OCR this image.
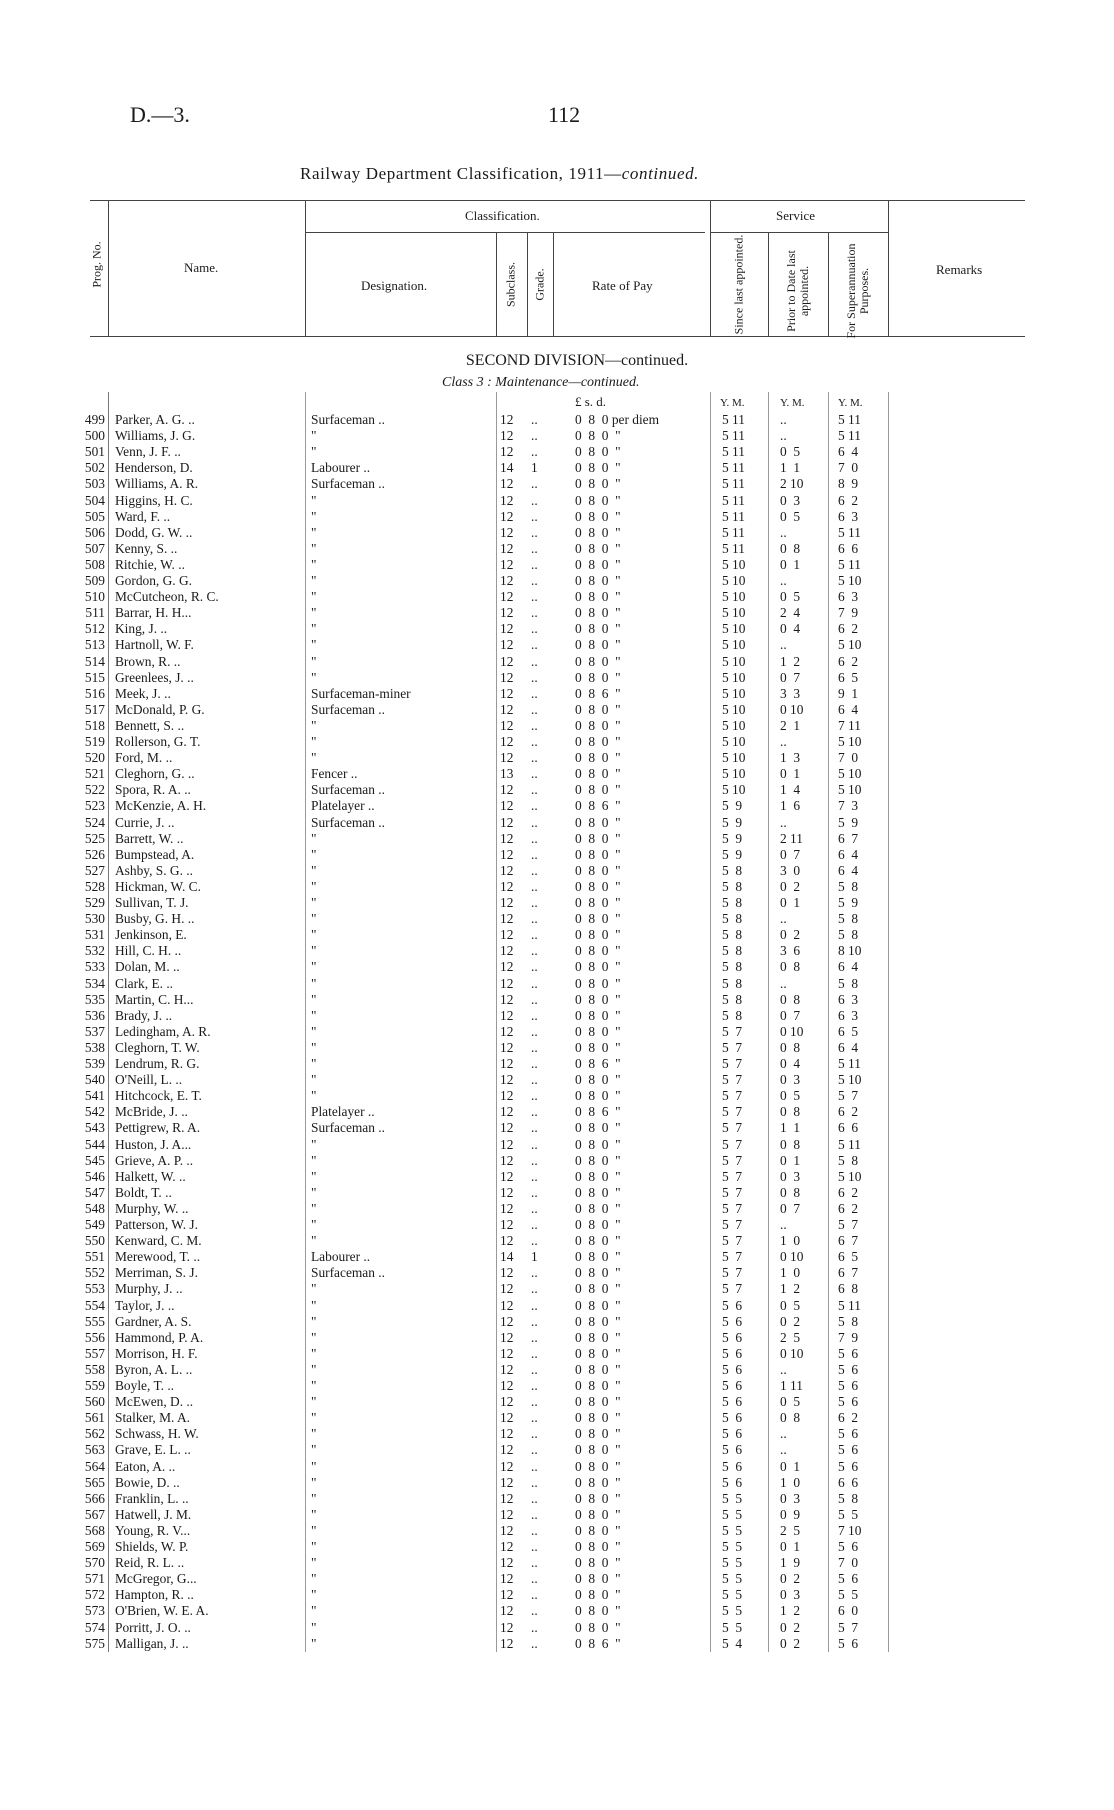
D.—3.	112
Railway Department Classification, 1911—continued.
Prog. No.	Name.
Classification.
Designation.	Subclass. Grade.	Rate of Pay
Service
Since last appointed.	Prior to Date last appointed.	For Superannuation Purposes.	Remarks
SECOND DIVISION—continued.
Class 3 : Maintenance—continued.
£ s. d.	Y. M.	Y. M.	Y. M.
499 Parker, A. G. ..	Surfaceman ..	12 ..	0  8  0 per diem	5 11	..	5 11
500 Williams, J. G.	"	12 ..	0  8  0  "	5 11	..	5 11
501 Venn, J. F. ..	"	12 ..	0  8  0  "	5 11	0  5	6  4
502 Henderson, D.	Labourer ..	14 1	0  8  0  "	5 11	1  1	7  0
503 Williams, A. R.	Surfaceman ..	12 ..	0  8  0  "	5 11	2 10	8  9
504 Higgins, H. C.	"	12 ..	0  8  0  "	5 11	0  3	6  2
505 Ward, F. ..	"	12 ..	0  8  0  "	5 11	0  5	6  3
506 Dodd, G. W. ..	"	12 ..	0  8  0  "	5 11	..	5 11
507 Kenny, S. ..	"	12 ..	0  8  0  "	5 11	0  8	6  6
508 Ritchie, W. ..	"	12 ..	0  8  0  "	5 10	0  1	5 11
509 Gordon, G. G.	"	12 ..	0  8  0  "	5 10	..	5 10
510 McCutcheon, R. C.	"	12 ..	0  8  0  "	5 10	0  5	6  3
511 Barrar, H. H...	"	12 ..	0  8  0  "	5 10	2  4	7  9
512 King, J. ..	"	12 ..	0  8  0  "	5 10	0  4	6  2
513 Hartnoll, W. F.	"	12 ..	0  8  0  "	5 10	..	5 10
514 Brown, R. ..	"	12 ..	0  8  0  "	5 10	1  2	6  2
515 Greenlees, J. ..	"	12 ..	0  8  0  "	5 10	0  7	6  5
516 Meek, J. ..	Surfaceman-miner	12 ..	0  8  6  "	5 10	3  3	9  1
517 McDonald, P. G.	Surfaceman ..	12 ..	0  8  0  "	5 10	0 10	6  4
518 Bennett, S. ..	"	12 ..	0  8  0  "	5 10	2  1	7 11
519 Rollerson, G. T.	"	12 ..	0  8  0  "	5 10	..	5 10
520 Ford, M. ..	"	12 ..	0  8  0  "	5 10	1  3	7  0
521 Cleghorn, G. ..	Fencer ..	13 ..	0  8  0  "	5 10	0  1	5 10
522 Spora, R. A. ..	Surfaceman ..	12 ..	0  8  0  "	5 10	1  4	5 10
523 McKenzie, A. H.	Platelayer ..	12 ..	0  8  6  "	5  9	1  6	7  3
524 Currie, J. ..	Surfaceman ..	12 ..	0  8  0  "	5  9	..	5  9
525 Barrett, W. ..	"	12 ..	0  8  0  "	5  9	2 11	6  7
526 Bumpstead, A.	"	12 ..	0  8  0  "	5  9	0  7	6  4
527 Ashby, S. G. ..	"	12 ..	0  8  0  "	5  8	3  0	6  4
528 Hickman, W. C.	"	12 ..	0  8  0  "	5  8	0  2	5  8
529 Sullivan, T. J.	"	12 ..	0  8  0  "	5  8	0  1	5  9
530 Busby, G. H. ..	"	12 ..	0  8  0  "	5  8	..	5  8
531 Jenkinson, E.	"	12 ..	0  8  0  "	5  8	0  2	5  8
532 Hill, C. H. ..	"	12 ..	0  8  0  "	5  8	3  6	8 10
533 Dolan, M. ..	"	12 ..	0  8  0  "	5  8	0  8	6  4
534 Clark, E. ..	"	12 ..	0  8  0  "	5  8	..	5  8
535 Martin, C. H...	"	12 ..	0  8  0  "	5  8	0  8	6  3
536 Brady, J. ..	"	12 ..	0  8  0  "	5  8	0  7	6  3
537 Ledingham, A. R.	"	12 ..	0  8  0  "	5  7	0 10	6  5
538 Cleghorn, T. W.	"	12 ..	0  8  0  "	5  7	0  8	6  4
539 Lendrum, R. G.	"	12 ..	0  8  6  "	5  7	0  4	5 11
540 O'Neill, L. ..	"	12 ..	0  8  0  "	5  7	0  3	5 10
541 Hitchcock, E. T.	"	12 ..	0  8  0  "	5  7	0  5	5  7
542 McBride, J. ..	Platelayer ..	12 ..	0  8  6  "	5  7	0  8	6  2
543 Pettigrew, R. A.	Surfaceman ..	12 ..	0  8  0  "	5  7	1  1	6  6
544 Huston, J. A...	"	12 ..	0  8  0  "	5  7	0  8	5 11
545 Grieve, A. P. ..	"	12 ..	0  8  0  "	5  7	0  1	5  8
546 Halkett, W. ..	"	12 ..	0  8  0  "	5  7	0  3	5 10
547 Boldt, T. ..	"	12 ..	0  8  0  "	5  7	0  8	6  2
548 Murphy, W. ..	"	12 ..	0  8  0  "	5  7	0  7	6  2
549 Patterson, W. J.	"	12 ..	0  8  0  "	5  7	..	5  7
550 Kenward, C. M.	"	12 ..	0  8  0  "	5  7	1  0	6  7
551 Merewood, T. ..	Labourer ..	14 1	0  8  0  "	5  7	0 10	6  5
552 Merriman, S. J.	Surfaceman ..	12 ..	0  8  0  "	5  7	1  0	6  7
553 Murphy, J. ..	"	12 ..	0  8  0  "	5  7	1  2	6  8
554 Taylor, J. ..	"	12 ..	0  8  0  "	5  6	0  5	5 11
555 Gardner, A. S.	"	12 ..	0  8  0  "	5  6	0  2	5  8
556 Hammond, P. A.	"	12 ..	0  8  0  "	5  6	2  5	7  9
557 Morrison, H. F.	"	12 ..	0  8  0  "	5  6	0 10	5  6
558 Byron, A. L. ..	"	12 ..	0  8  0  "	5  6	..	5  6
559 Boyle, T. ..	"	12 ..	0  8  0  "	5  6	1 11	5  6
560 McEwen, D. ..	"	12 ..	0  8  0  "	5  6	0  5	5  6
561 Stalker, M. A.	"	12 ..	0  8  0  "	5  6	0  8	6  2
562 Schwass, H. W.	"	12 ..	0  8  0  "	5  6	..	5  6
563 Grave, E. L. ..	"	12 ..	0  8  0  "	5  6	..	5  6
564 Eaton, A. ..	"	12 ..	0  8  0  "	5  6	0  1	5  6
565 Bowie, D. ..	"	12 ..	0  8  0  "	5  6	1  0	6  6
566 Franklin, L. ..	"	12 ..	0  8  0  "	5  5	0  3	5  8
567 Hatwell, J. M.	"	12 ..	0  8  0  "	5  5	0  9	5  5
568 Young, R. V...	"	12 ..	0  8  0  "	5  5	2  5	7 10
569 Shields, W. P.	"	12 ..	0  8  0  "	5  5	0  1	5  6
570 Reid, R. L. ..	"	12 ..	0  8  0  "	5  5	1  9	7  0
571 McGregor, G...	"	12 ..	0  8  0  "	5  5	0  2	5  6
572 Hampton, R. ..	"	12 ..	0  8  0  "	5  5	0  3	5  5
573 O'Brien, W. E. A.	"	12 ..	0  8  0  "	5  5	1  2	6  0
574 Porritt, J. O. ..	"	12 ..	0  8  0  "	5  5	0  2	5  7
575 Malligan, J. ..	"	12 ..	0  8  6  "	5  4	0  2	5  6
